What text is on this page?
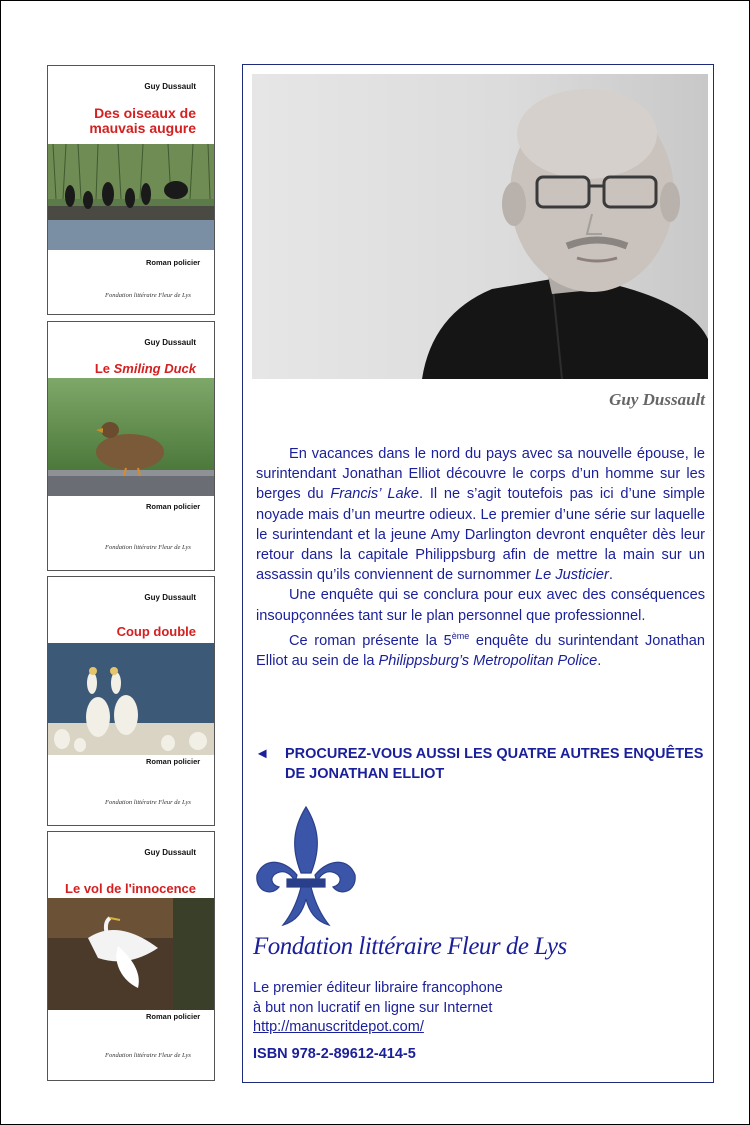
Guy Dussault
Des oiseaux de
mauvais augure
Roman policier
Fondation littéraire Fleur de Lys
Guy Dussault
Le Smiling Duck
Roman policier
Fondation littéraire Fleur de Lys
Guy Dussault
Coup double
Roman policier
Fondation littéraire Fleur de Lys
Guy Dussault
Le vol de l'innocence
Roman policier
Fondation littéraire Fleur de Lys
Guy Dussault

En vacances dans le nord du pays avec sa nouvelle épouse, le surintendant Jonathan Elliot découvre le corps d’un homme sur les berges du Francis’ Lake. Il ne s’agit toutefois pas ici d’une simple noyade mais d’un meurtre odieux. Le premier d’une série sur laquelle le surintendant et la jeune Amy Darlington devront enquêter dès leur retour dans la capitale Philippsburg afin de mettre la main sur un assassin qu’ils conviennent de surnommer Le Justicier.

Une enquête qui se conclura pour eux avec des conséquences insoupçonnées tant sur le plan personnel que professionnel.

Ce roman présente la 5ème enquête du surintendant Jonathan Elliot au sein de la Philippsburg’s Metropolitan Police.

◄ PROCUREZ-VOUS AUSSI LES QUATRE AUTRES ENQUÊTES DE JONATHAN ELLIOT
Fondation littéraire Fleur de Lys
Le premier éditeur libraire francophone
à but non lucratif en ligne sur Internet
http://manuscritdepot.com/
ISBN 978-2-89612-414-5
